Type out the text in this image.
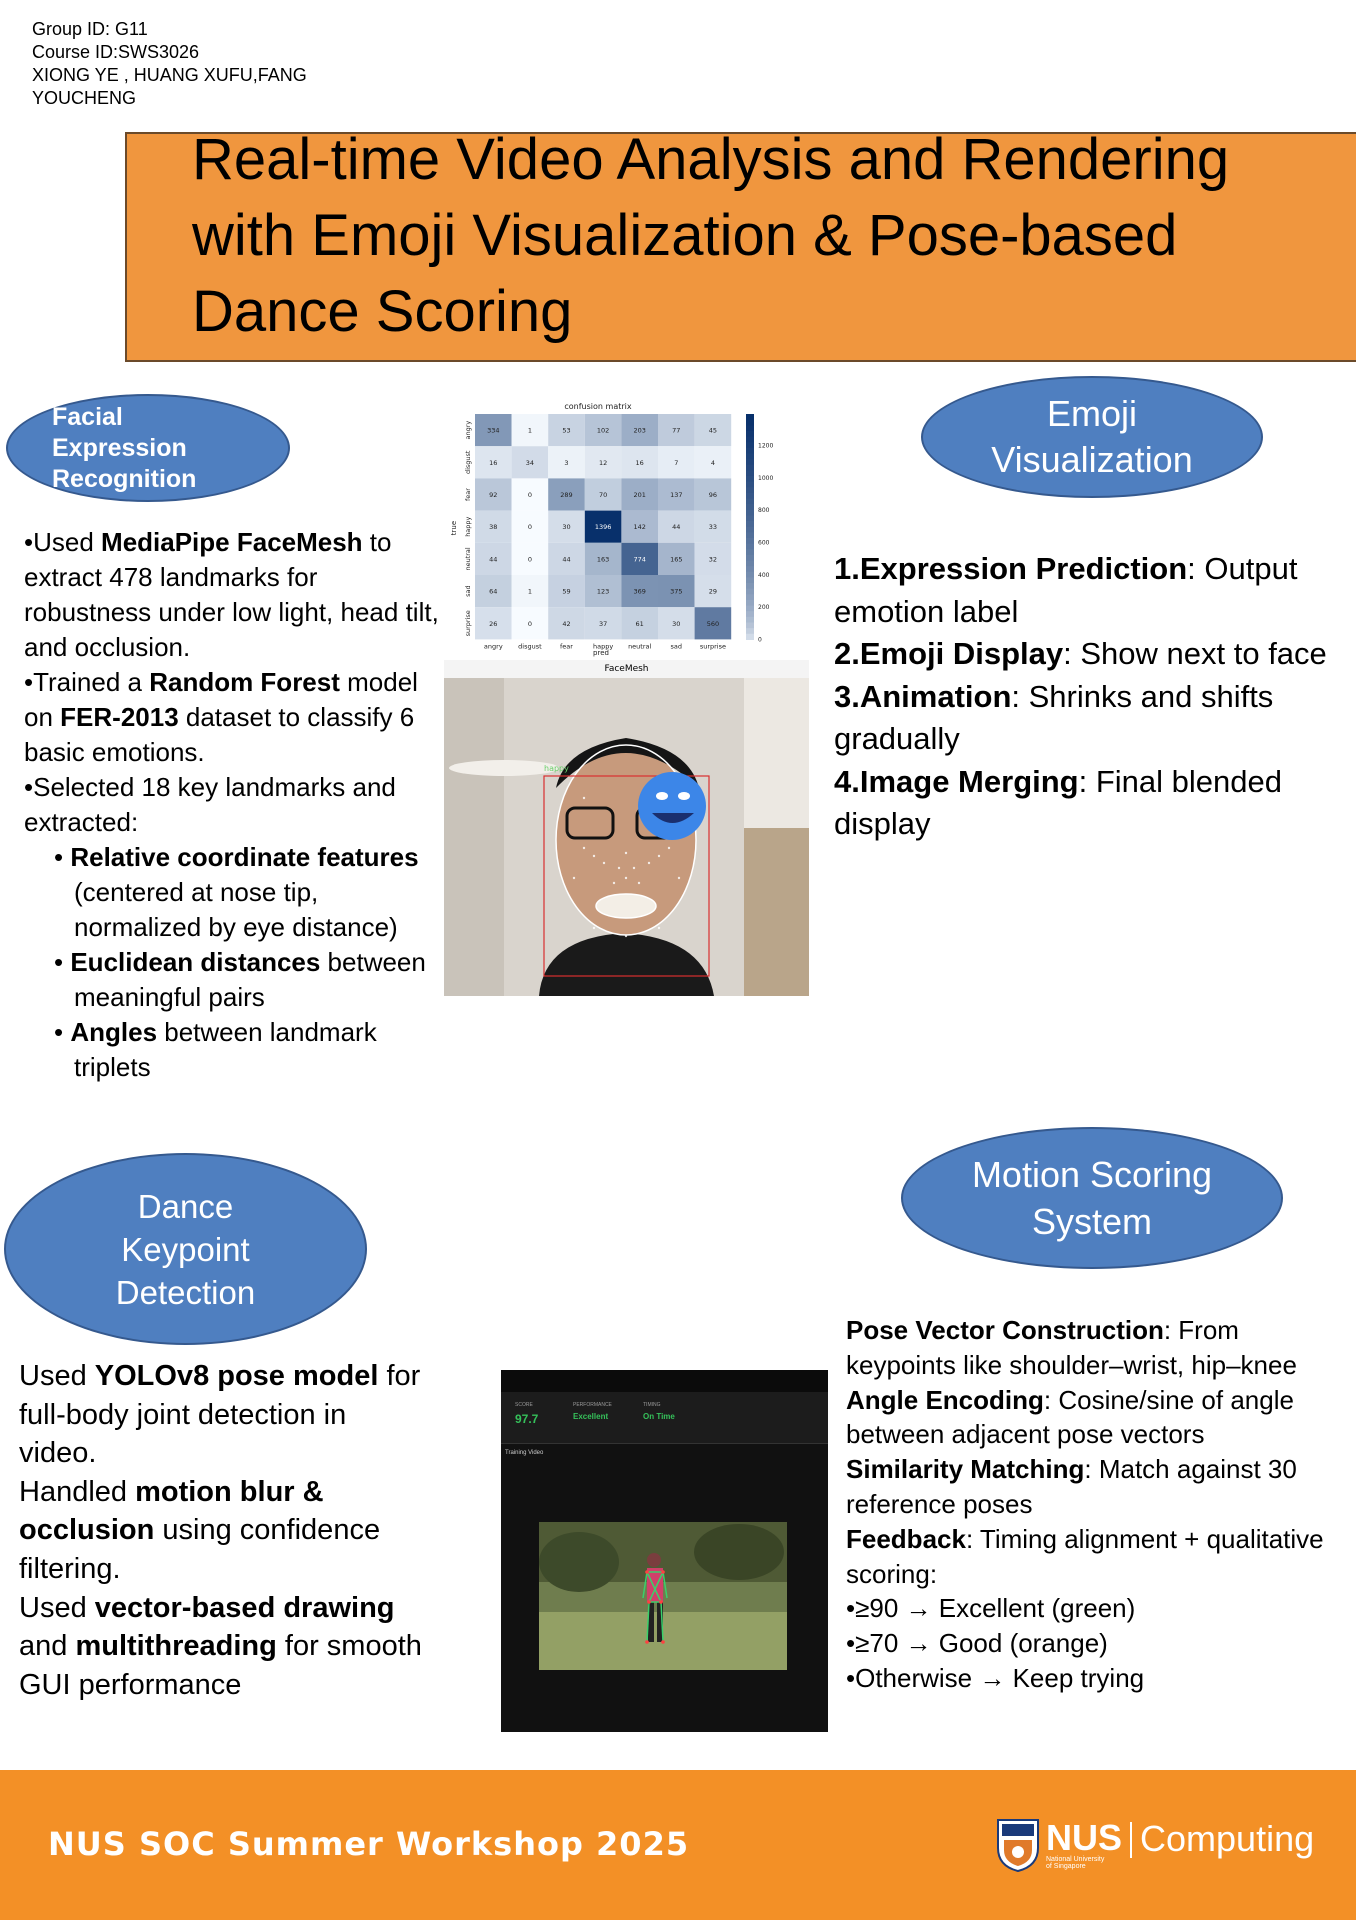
Group ID: G11
Course ID:SWS3026
XIONG YE , HUANG XUFU,FANG
YOUCHENG
Real-time Video Analysis and Rendering
with Emoji Visualization & Pose-based
Dance Scoring
Facial
Expression
Recognition
•Used MediaPipe FaceMesh to extract 478 landmarks for robustness under low light, head tilt, and occlusion.
•Trained a Random Forest model on FER-2013 dataset to classify 6 basic emotions.
•Selected 18 key landmarks and extracted:
• Relative coordinate features (centered at nose tip, normalized by eye distance)
• Euclidean distances between meaningful pairs
• Angles between landmark triplets
confusion matrix
true
pred
334	1	53	102	203	77	45
16	34	3	12	16	7	4
92	0	289	70	201	137	96
38	0	30	1396	142	44	33
44	0	44	163	774	165	32
64	1	59	123	369	375	29
26	0	42	37	61	30	560
angry
angry
disgust
disgust
fear
fear
happy
happy
neutral
neutral
sad
sad
surprise
surprise
1200
1000
800
600
400
200
0
FaceMesh
happy
Emoji
Visualization
1.Expression Prediction: Output emotion label
2.Emoji Display: Show next to face
3.Animation: Shrinks and shifts gradually
4.Image Merging: Final blended display
Dance
Keypoint
Detection
Used YOLOv8 pose model for full-body joint detection in video.
Handled motion blur & occlusion using confidence filtering.
Used vector-based drawing and multithreading for smooth GUI performance
SCORE
97.7
PERFORMANCE
Excellent
TIMING
On Time
Training Video
Motion Scoring
System
Pose Vector Construction: From keypoints like shoulder–wrist, hip–knee
Angle Encoding: Cosine/sine of angle between adjacent pose vectors
Similarity Matching: Match against 30 reference poses
Feedback: Timing alignment + qualitative scoring:
•≥90 → Excellent (green)
•≥70 → Good (orange)
•Otherwise → Keep trying
NUS SOC Summer Workshop 2025	NUS
National University
of Singapore
Computing
